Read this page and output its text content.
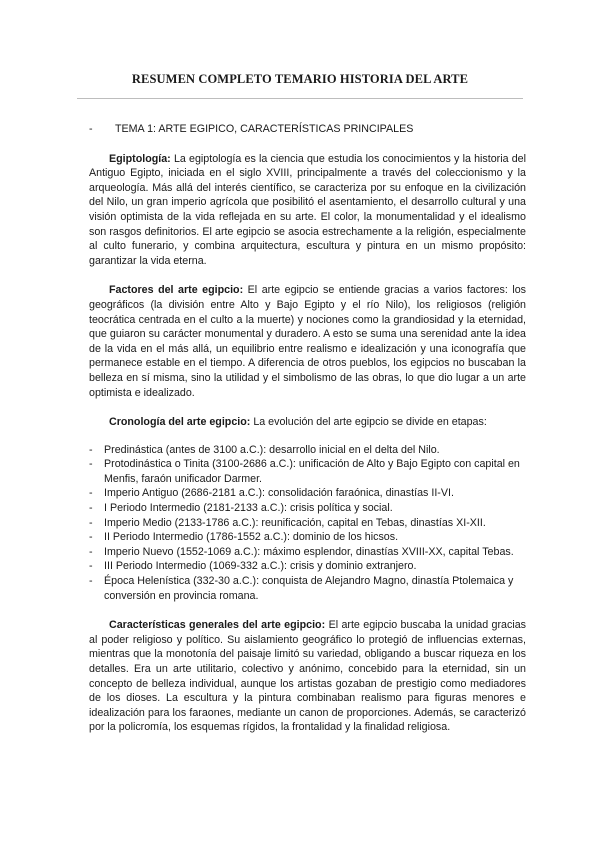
RESUMEN COMPLETO TEMARIO HISTORIA DEL ARTE
- TEMA 1: ARTE EGIPICO, CARACTERÍSTICAS PRINCIPALES

Egiptología: La egiptología es la ciencia que estudia los conocimientos y la historia del Antiguo Egipto, iniciada en el siglo XVIII, principalmente a través del coleccionismo y la arqueología. Más allá del interés científico, se caracteriza por su enfoque en la civilización del Nilo, un gran imperio agrícola que posibilitó el asentamiento, el desarrollo cultural y una visión optimista de la vida reflejada en su arte. El color, la monumentalidad y el idealismo son rasgos definitorios. El arte egipcio se asocia estrechamente a la religión, especialmente al culto funerario, y combina arquitectura, escultura y pintura en un mismo propósito: garantizar la vida eterna.

Factores del arte egipcio: El arte egipcio se entiende gracias a varios factores: los geográficos (la división entre Alto y Bajo Egipto y el río Nilo), los religiosos (religión teocrática centrada en el culto a la muerte) y nociones como la grandiosidad y la eternidad, que guiaron su carácter monumental y duradero. A esto se suma una serenidad ante la idea de la vida en el más allá, un equilibrio entre realismo e idealización y una iconografía que permanece estable en el tiempo. A diferencia de otros pueblos, los egipcios no buscaban la belleza en sí misma, sino la utilidad y el simbolismo de las obras, lo que dio lugar a un arte optimista e idealizado.

Cronología del arte egipcio: La evolución del arte egipcio se divide en etapas:

- Predinástica (antes de 3100 a.C.): desarrollo inicial en el delta del Nilo.
- Protodinástica o Tinita (3100-2686 a.C.): unificación de Alto y Bajo Egipto con capital en Menfis, faraón unificador Darmer.
- Imperio Antiguo (2686-2181 a.C.): consolidación faraónica, dinastías II-VI.
- I Periodo Intermedio (2181-2133 a.C.): crisis política y social.
- Imperio Medio (2133-1786 a.C.): reunificación, capital en Tebas, dinastías XI-XII.
- II Periodo Intermedio (1786-1552 a.C.): dominio de los hicsos.
- Imperio Nuevo (1552-1069 a.C.): máximo esplendor, dinastías XVIII-XX, capital Tebas.
- III Periodo Intermedio (1069-332 a.C.): crisis y dominio extranjero.
- Época Helenística (332-30 a.C.): conquista de Alejandro Magno, dinastía Ptolemaica y conversión en provincia romana.

Características generales del arte egipcio: El arte egipcio buscaba la unidad gracias al poder religioso y político. Su aislamiento geográfico lo protegió de influencias externas, mientras que la monotonía del paisaje limitó su variedad, obligando a buscar riqueza en los detalles. Era un arte utilitario, colectivo y anónimo, concebido para la eternidad, sin un concepto de belleza individual, aunque los artistas gozaban de prestigio como mediadores de los dioses. La escultura y la pintura combinaban realismo para figuras menores e idealización para los faraones, mediante un canon de proporciones. Además, se caracterizó por la policromía, los esquemas rígidos, la frontalidad y la finalidad religiosa.
